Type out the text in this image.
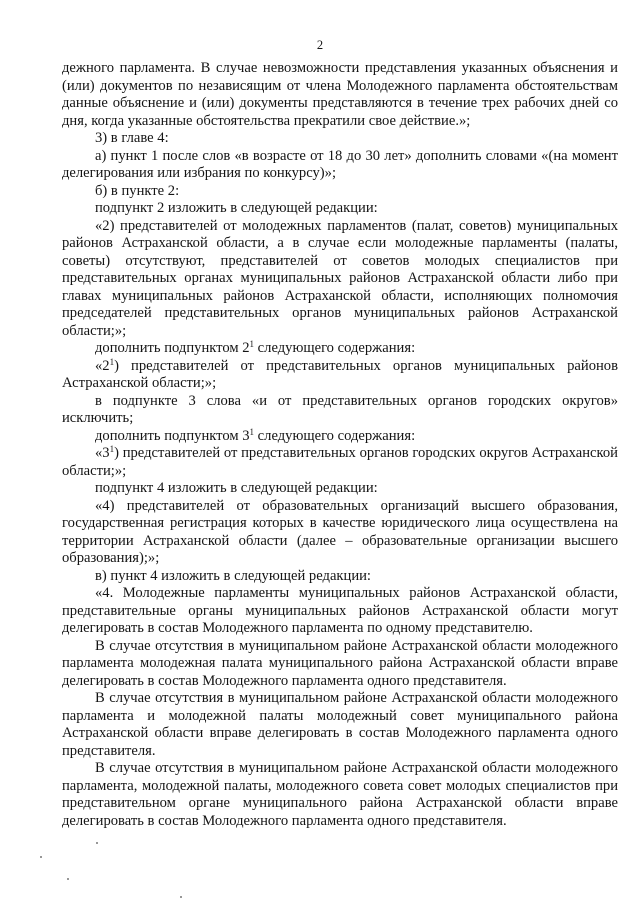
2

дежного парламента. В случае невозможности представления указанных объяснения и (или) документов по независящим от члена Молодежного парламента обстоятельствам данные объяснение и (или) документы представляются в течение трех рабочих дней со дня, когда указанные обстоятельства прекратили свое действие.»;

3) в главе 4:

а) пункт 1 после слов «в возрасте от 18 до 30 лет» дополнить словами «(на момент делегирования или избрания по конкурсу)»;

б) в пункте 2:

подпункт 2 изложить в следующей редакции:

«2) представителей от молодежных парламентов (палат, советов) муниципальных районов Астраханской области, а в случае если молодежные парламенты (палаты, советы) отсутствуют, представителей от советов молодых специалистов при представительных органах муниципальных районов Астраханской области либо при главах муниципальных районов Астраханской области, исполняющих полномочия председателей представительных органов муниципальных районов Астраханской области;»;

дополнить подпунктом $2^1$ следующего содержания:

«$2^1$) представителей от представительных органов муниципальных районов Астраханской области;»;

в подпункте 3 слова «и от представительных органов городских округов» исключить;

дополнить подпунктом $3^1$ следующего содержания:

«$3^1$) представителей от представительных органов городских округов Астраханской области;»;

подпункт 4 изложить в следующей редакции:

«4) представителей от образовательных организаций высшего образования, государственная регистрация которых в качестве юридического лица осуществлена на территории Астраханской области (далее – образовательные организации высшего образования);»;

в) пункт 4 изложить в следующей редакции:

«4. Молодежные парламенты муниципальных районов Астраханской области, представительные органы муниципальных районов Астраханской области могут делегировать в состав Молодежного парламента по одному представителю.

В случае отсутствия в муниципальном районе Астраханской области молодежного парламента молодежная палата муниципального района Астраханской области вправе делегировать в состав Молодежного парламента одного представителя.

В случае отсутствия в муниципальном районе Астраханской области молодежного парламента и молодежной палаты молодежный совет муниципального района Астраханской области вправе делегировать в состав Молодежного парламента одного представителя.

В случае отсутствия в муниципальном районе Астраханской области молодежного парламента, молодежной палаты, молодежного совета совет молодых специалистов при представительном органе муниципального района Астраханской области вправе делегировать в состав Молодежного парламента одного представителя.
